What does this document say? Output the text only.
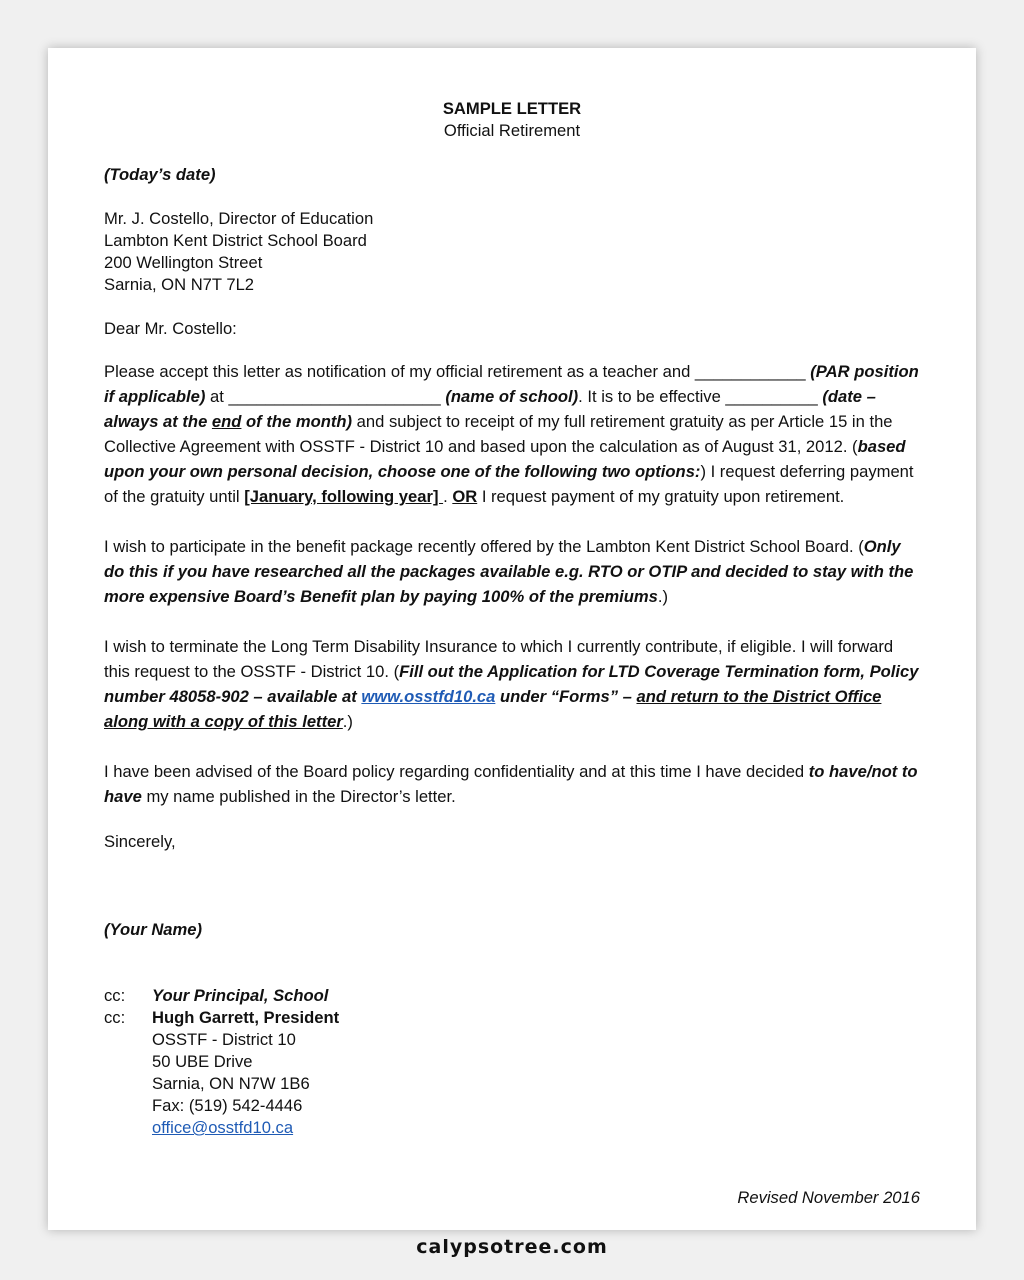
SAMPLE LETTER
Official Retirement
(Today’s date)
Mr. J. Costello, Director of Education
Lambton Kent District School Board
200 Wellington Street
Sarnia, ON N7T 7L2
Dear Mr. Costello:

Please accept this letter as notification of my official retirement as a teacher and ____________ (PAR position if applicable) at _______________________ (name of school). It is to be effective __________ (date – always at the end of the month) and subject to receipt of my full retirement gratuity as per Article 15 in the Collective Agreement with OSSTF - District 10 and based upon the calculation as of August 31, 2012. (based upon your own personal decision, choose one of the following two options:) I request deferring payment of the gratuity until [January, following year] . OR I request payment of my gratuity upon retirement.

I wish to participate in the benefit package recently offered by the Lambton Kent District School Board. (Only do this if you have researched all the packages available e.g. RTO or OTIP and decided to stay with the more expensive Board’s Benefit plan by paying 100% of the premiums.)

I wish to terminate the Long Term Disability Insurance to which I currently contribute, if eligible. I will forward this request to the OSSTF - District 10. (Fill out the Application for LTD Coverage Termination form, Policy number 48058-902 – available at www.osstfd10.ca under “Forms” – and return to the District Office along with a copy of this letter.)

I have been advised of the Board policy regarding confidentiality and at this time I have decided to have/not to have my name published in the Director’s letter.

Sincerely,
(Your Name)
cc:	Your Principal, School
cc:	Hugh Garrett, President
OSSTF - District 10
50 UBE Drive
Sarnia, ON N7W 1B6
Fax: (519) 542-4446
office@osstfd10.ca
Revised November 2016
calypsotree.com
